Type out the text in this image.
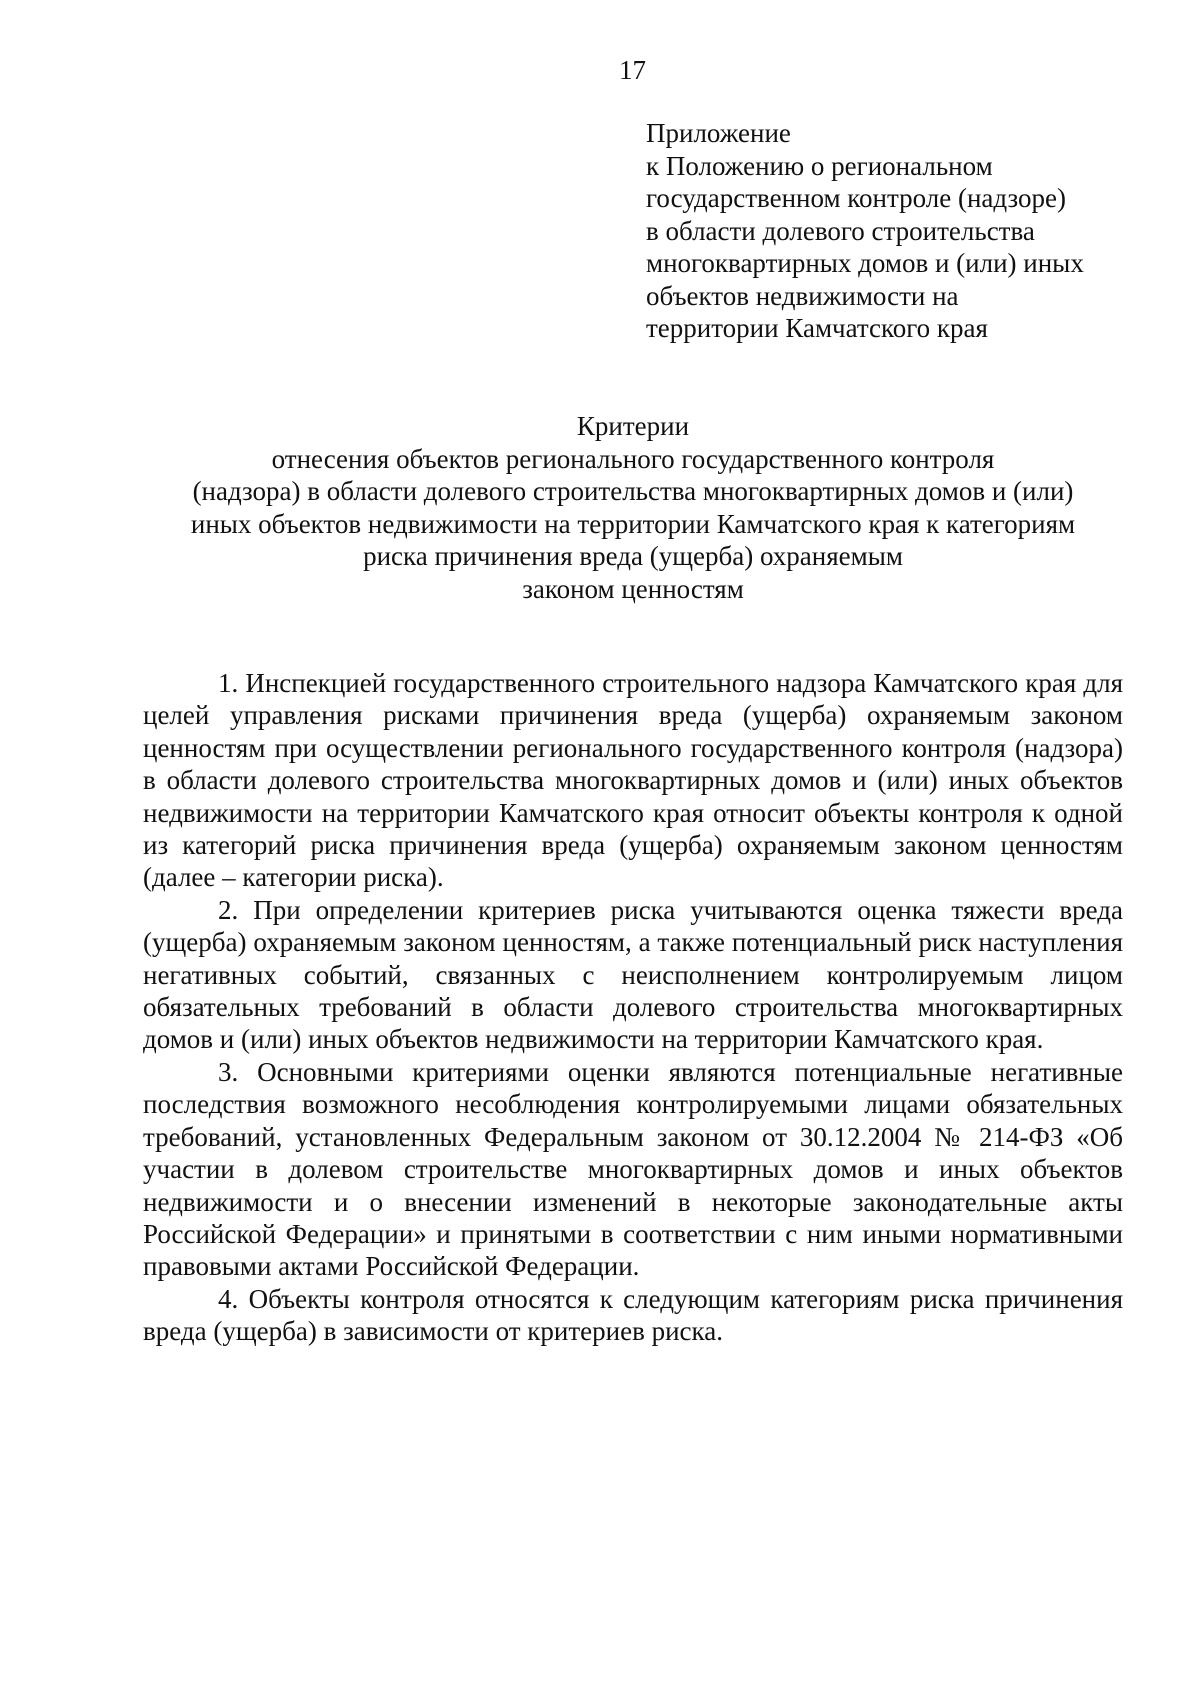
17
Приложение
к Положению о региональном
государственном контроле (надзоре)
в области долевого строительства
многоквартирных домов и (или) иных
объектов недвижимости на
территории Камчатского края
Критерии
отнесения объектов регионального государственного контроля
(надзора) в области долевого строительства многоквартирных домов и (или)
иных объектов недвижимости на территории Камчатского края к категориям
риска причинения вреда (ущерба) охраняемым
законом ценностям

1. Инспекцией государственного строительного надзора Камчатского края для целей управления рисками причинения вреда (ущерба) охраняемым законом ценностям при осуществлении регионального государственного контроля (надзора) в области долевого строительства многоквартирных домов и (или) иных объектов недвижимости на территории Камчатского края относит объекты контроля к одной из категорий риска причинения вреда (ущерба) охраняемым законом ценностям (далее – категории риска).

2. При определении критериев риска учитываются оценка тяжести вреда (ущерба) охраняемым законом ценностям, а также потенциальный риск наступления негативных событий, связанных с неисполнением контролируемым лицом обязательных требований в области долевого строительства многоквартирных домов и (или) иных объектов недвижимости на территории Камчатского края.

3. Основными критериями оценки являются потенциальные негативные последствия возможного несоблюдения контролируемыми лицами обязательных требований, установленных Федеральным законом от 30.12.2004 № 214-ФЗ «Об участии в долевом строительстве многоквартирных домов и иных объектов недвижимости и о внесении изменений в некоторые законодательные акты Российской Федерации» и принятыми в соответствии с ним иными нормативными правовыми актами Российской Федерации.

4. Объекты контроля относятся к следующим категориям риска причинения вреда (ущерба) в зависимости от критериев риска.
